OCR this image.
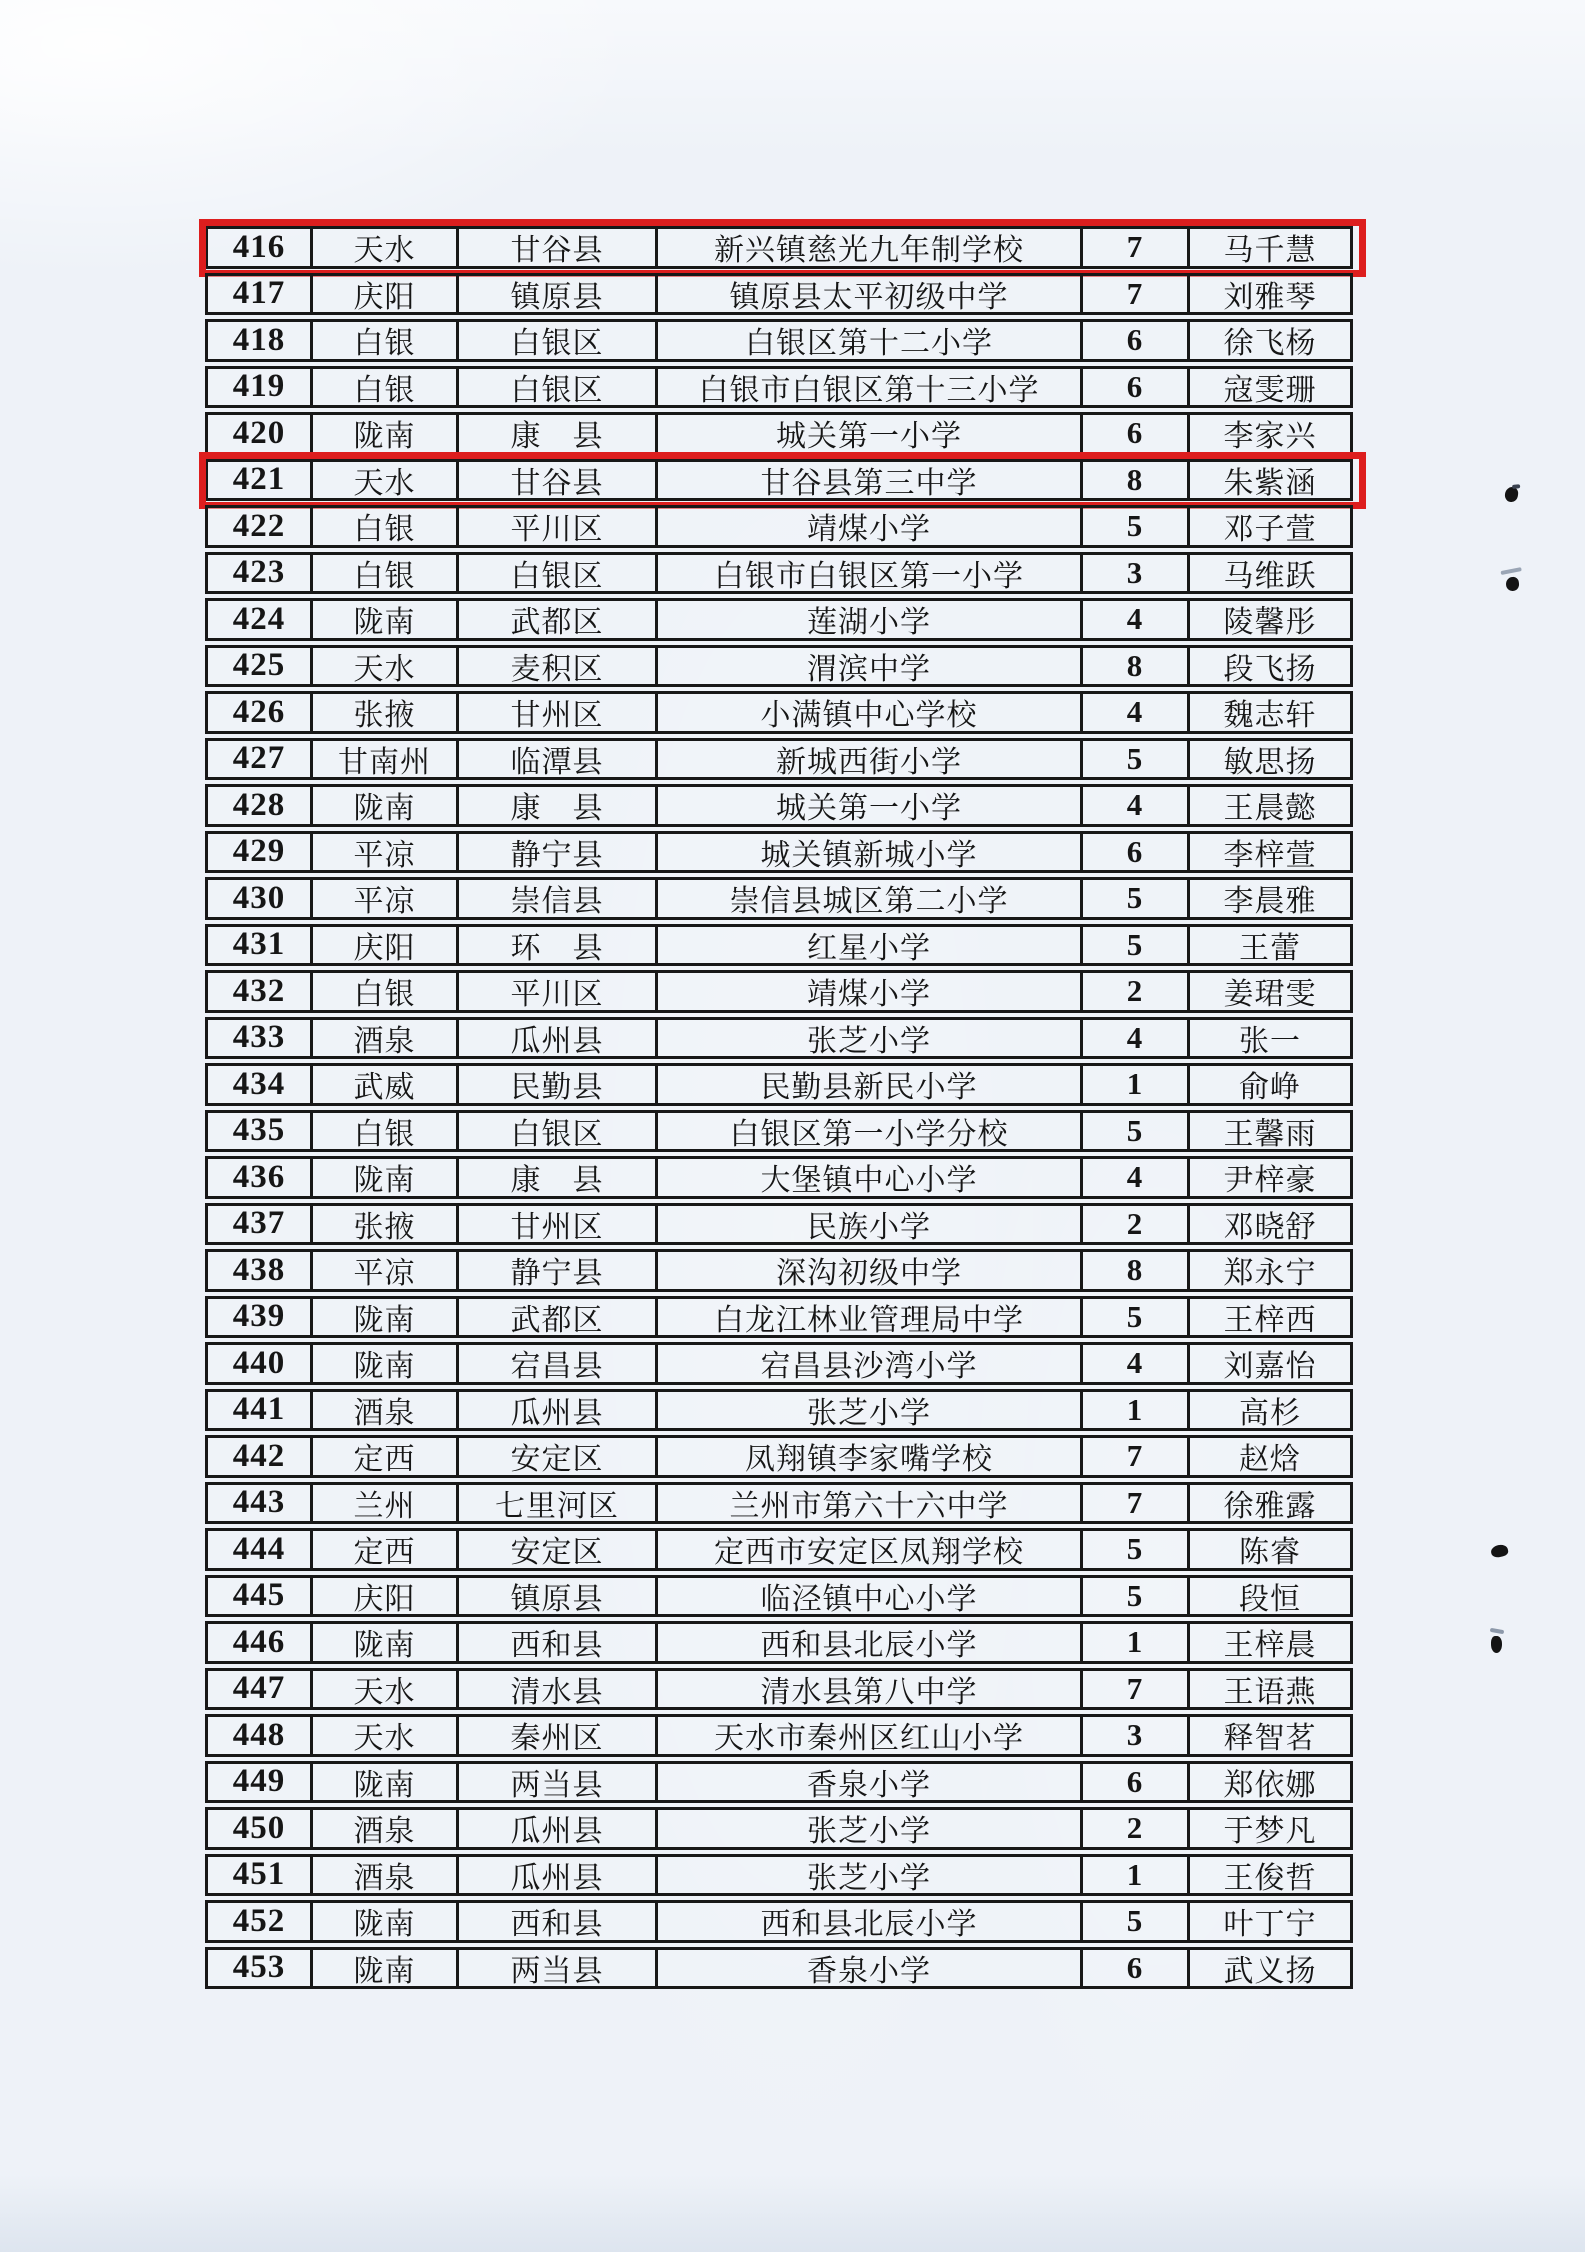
416	天水	甘谷县	新兴镇慈光九年制学校	7	马千慧
417	庆阳	镇原县	镇原县太平初级中学	7	刘雅琴
418	白银	白银区	白银区第十二小学	6	徐飞杨
419	白银	白银区	白银市白银区第十三小学	6	寇雯珊
420	陇南	康　县	城关第一小学	6	李家兴
421	天水	甘谷县	甘谷县第三中学	8	朱紫涵
422	白银	平川区	靖煤小学	5	邓子萱
423	白银	白银区	白银市白银区第一小学	3	马维跃
424	陇南	武都区	莲湖小学	4	陵馨彤
425	天水	麦积区	渭滨中学	8	段飞扬
426	张掖	甘州区	小满镇中心学校	4	魏志轩
427	甘南州	临潭县	新城西街小学	5	敏思扬
428	陇南	康　县	城关第一小学	4	王晨懿
429	平凉	静宁县	城关镇新城小学	6	李梓萱
430	平凉	崇信县	崇信县城区第二小学	5	李晨雅
431	庆阳	环　县	红星小学	5	王蕾
432	白银	平川区	靖煤小学	2	姜珺雯
433	酒泉	瓜州县	张芝小学	4	张一
434	武威	民勤县	民勤县新民小学	1	俞峥
435	白银	白银区	白银区第一小学分校	5	王馨雨
436	陇南	康　县	大堡镇中心小学	4	尹梓豪
437	张掖	甘州区	民族小学	2	邓晓舒
438	平凉	静宁县	深沟初级中学	8	郑永宁
439	陇南	武都区	白龙江林业管理局中学	5	王梓西
440	陇南	宕昌县	宕昌县沙湾小学	4	刘嘉怡
441	酒泉	瓜州县	张芝小学	1	高杉
442	定西	安定区	凤翔镇李家嘴学校	7	赵焓
443	兰州	七里河区	兰州市第六十六中学	7	徐雅露
444	定西	安定区	定西市安定区凤翔学校	5	陈睿
445	庆阳	镇原县	临泾镇中心小学	5	段恒
446	陇南	西和县	西和县北辰小学	1	王梓晨
447	天水	清水县	清水县第八中学	7	王语燕
448	天水	秦州区	天水市秦州区红山小学	3	释智茗
449	陇南	两当县	香泉小学	6	郑依娜
450	酒泉	瓜州县	张芝小学	2	于梦凡
451	酒泉	瓜州县	张芝小学	1	王俊哲
452	陇南	西和县	西和县北辰小学	5	叶丁宁
453	陇南	两当县	香泉小学	6	武义扬
